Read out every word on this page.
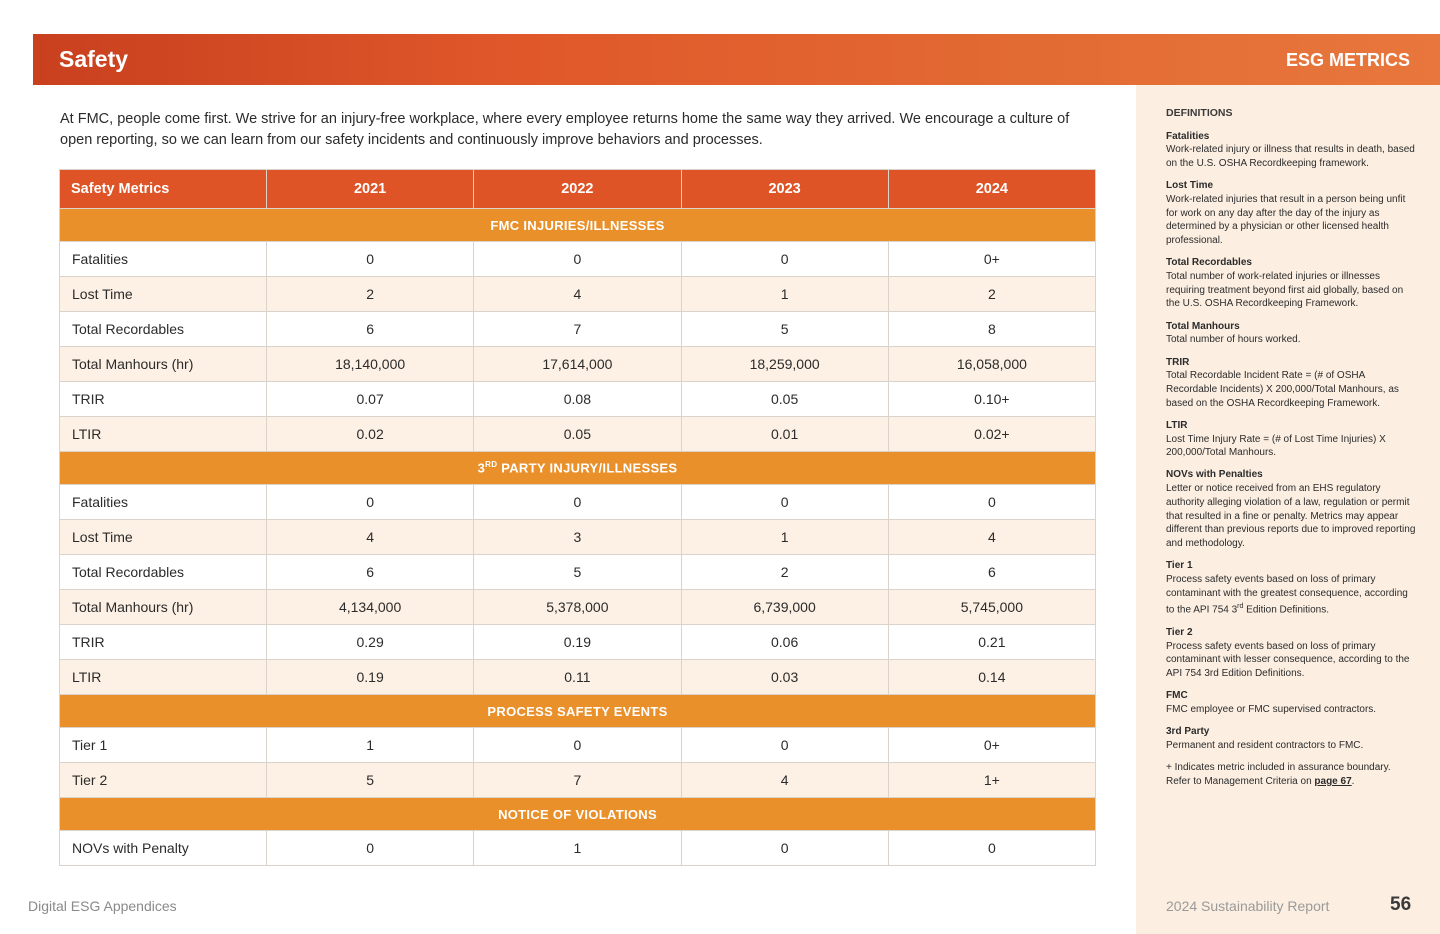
Safety	ESG METRICS
DEFINITIONS
Fatalities
Work-related injury or illness that results in death, based on the U.S. OSHA Recordkeeping framework.
Lost Time
Work-related injuries that result in a person being unfit for work on any day after the day of the injury as determined by a physician or other licensed health professional.
Total Recordables
Total number of work-related injuries or illnesses requiring treatment beyond first aid globally, based on the U.S. OSHA Recordkeeping Framework.
Total Manhours
Total number of hours worked.
TRIR
Total Recordable Incident Rate = (# of OSHA Recordable Incidents) X 200,000/Total Manhours, as based on the OSHA Recordkeeping Framework.
LTIR
Lost Time Injury Rate = (# of Lost Time Injuries) X 200,000/Total Manhours.
NOVs with Penalties
Letter or notice received from an EHS regulatory authority alleging violation of a law, regulation or permit that resulted in a fine or penalty. Metrics may appear different than previous reports due to improved reporting and methodology.
Tier 1
Process safety events based on loss of primary contaminant with the greatest consequence, according to the API 754 3rd Edition Definitions.
Tier 2
Process safety events based on loss of primary contaminant with lesser consequence, according to the API 754 3rd Edition Definitions.
FMC
FMC employee or FMC supervised contractors.
3rd Party
Permanent and resident contractors to FMC.
+ Indicates metric included in assurance boundary. Refer to Management Criteria on page 67.
At FMC, people come first. We strive for an injury-free workplace, where every employee returns home the same way they arrived. We encourage a culture of open reporting, so we can learn from our safety incidents and continuously improve behaviors and processes.
Safety Metrics	2021	2022	2023	2024
FMC INJURIES/ILLNESSES				
Fatalities	0	0	0	0+
Lost Time	2	4	1	2
Total Recordables	6	7	5	8
Total Manhours (hr)	18,140,000	17,614,000	18,259,000	16,058,000
TRIR	0.07	0.08	0.05	0.10+
LTIR	0.02	0.05	0.01	0.02+
3RD PARTY INJURY/ILLNESSES				
Fatalities	0	0	0	0
Lost Time	4	3	1	4
Total Recordables	6	5	2	6
Total Manhours (hr)	4,134,000	5,378,000	6,739,000	5,745,000
TRIR	0.29	0.19	0.06	0.21
LTIR	0.19	0.11	0.03	0.14
PROCESS SAFETY EVENTS				
Tier 1	1	0	0	0+
Tier 2	5	7	4	1+
NOTICE OF VIOLATIONS				
NOVs with Penalty	0	1	0	0
Digital ESG Appendices	2024 Sustainability Report	56
